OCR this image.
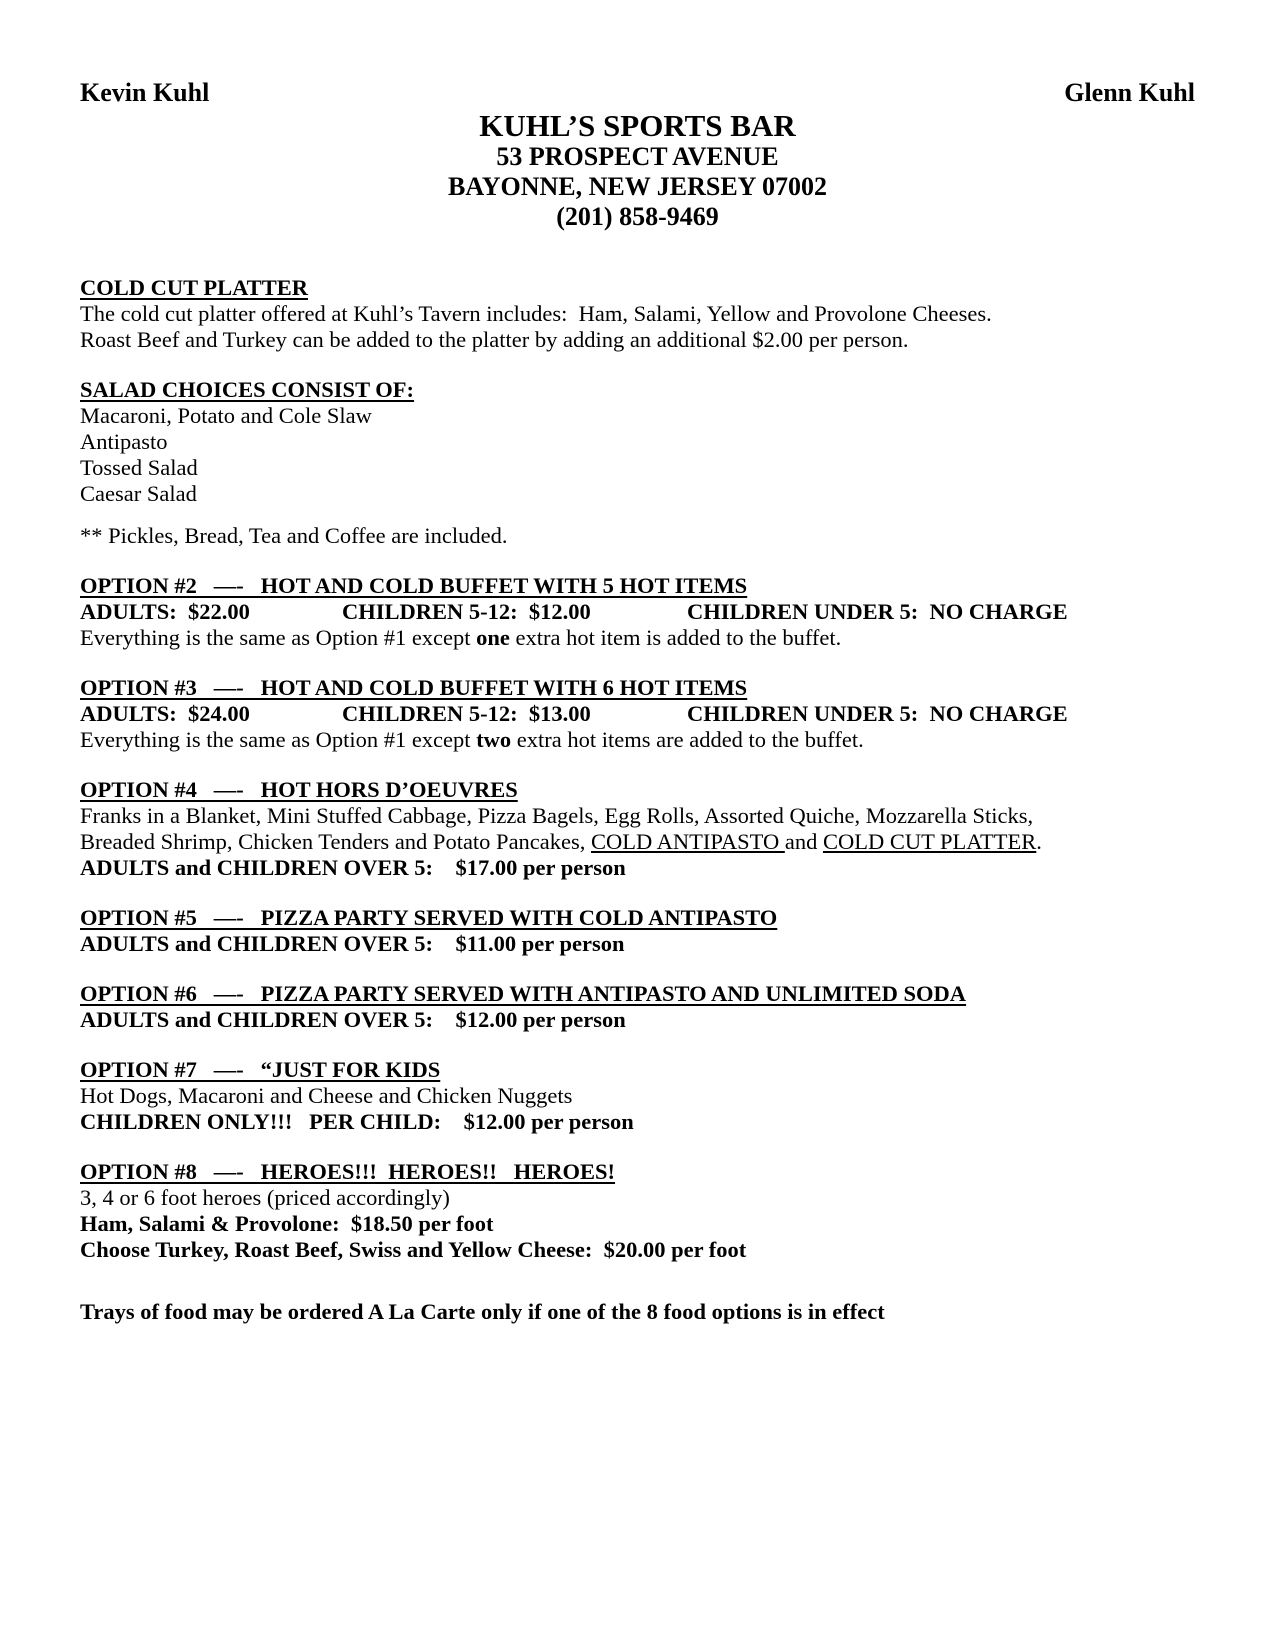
Kevin Kuhl	Glenn Kuhl
KUHL’S SPORTS BAR
53 PROSPECT AVENUE
BAYONNE, NEW JERSEY 07002
(201) 858-9469
COLD CUT PLATTER
The cold cut platter offered at Kuhl’s Tavern includes:  Ham, Salami, Yellow and Provolone Cheeses.
Roast Beef and Turkey can be added to the platter by adding an additional $2.00 per person.
SALAD CHOICES CONSIST OF:
Macaroni, Potato and Cole Slaw
Antipasto
Tossed Salad
Caesar Salad
** Pickles, Bread, Tea and Coffee are included.
OPTION #2   —-   HOT AND COLD BUFFET WITH 5 HOT ITEMS
ADULTS:  $22.00	CHILDREN 5-12:  $12.00	CHILDREN UNDER 5:  NO CHARGE
Everything is the same as Option #1 except one extra hot item is added to the buffet.
OPTION #3   —-   HOT AND COLD BUFFET WITH 6 HOT ITEMS
ADULTS:  $24.00	CHILDREN 5-12:  $13.00	CHILDREN UNDER 5:  NO CHARGE
Everything is the same as Option #1 except two extra hot items are added to the buffet.
OPTION #4   —-   HOT HORS D’OEUVRES
Franks in a Blanket, Mini Stuffed Cabbage, Pizza Bagels, Egg Rolls, Assorted Quiche, Mozzarella Sticks,
Breaded Shrimp, Chicken Tenders and Potato Pancakes, COLD ANTIPASTO and COLD CUT PLATTER.
ADULTS and CHILDREN OVER 5:    $17.00 per person
OPTION #5   —-   PIZZA PARTY SERVED WITH COLD ANTIPASTO
ADULTS and CHILDREN OVER 5:    $11.00 per person
OPTION #6   —-   PIZZA PARTY SERVED WITH ANTIPASTO AND UNLIMITED SODA
ADULTS and CHILDREN OVER 5:    $12.00 per person
OPTION #7   —-   “JUST FOR KIDS
Hot Dogs, Macaroni and Cheese and Chicken Nuggets
CHILDREN ONLY!!!   PER CHILD:    $12.00 per person
OPTION #8   —-   HEROES!!!  HEROES!!   HEROES!
3, 4 or 6 foot heroes (priced accordingly)
Ham, Salami & Provolone:  $18.50 per foot
Choose Turkey, Roast Beef, Swiss and Yellow Cheese:  $20.00 per foot
Trays of food may be ordered A La Carte only if one of the 8 food options is in effect
